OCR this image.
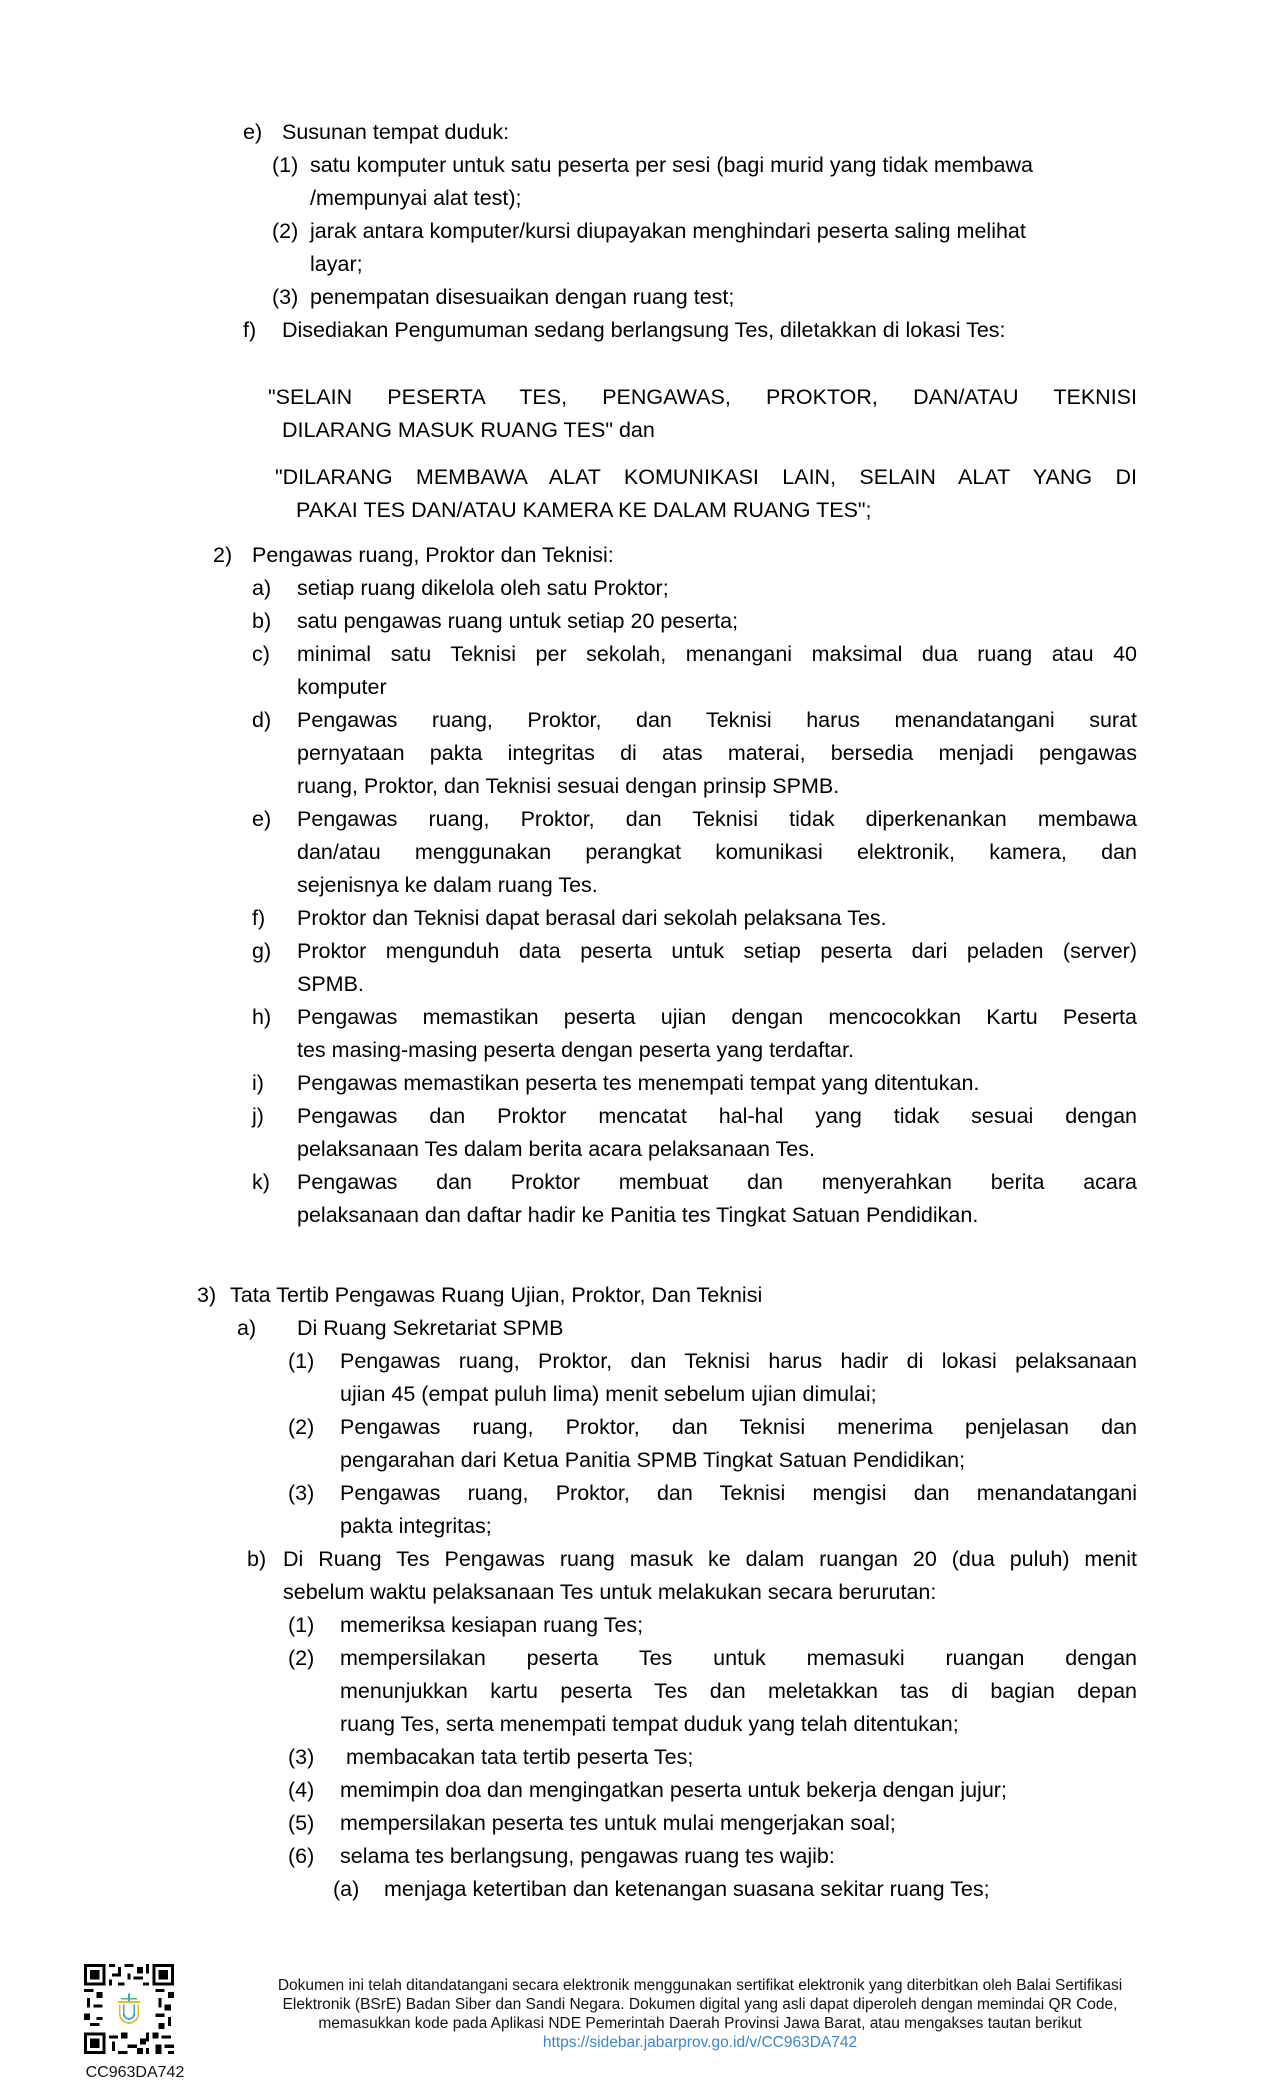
e) Susunan tempat duduk:
(1) satu komputer untuk satu peserta per sesi (bagi murid yang tidak membawa
/mempunyai alat test);
(2) jarak antara komputer/kursi diupayakan menghindari peserta saling melihat
layar;
(3) penempatan disesuaikan dengan ruang test;
f) Disediakan Pengumuman sedang berlangsung Tes, diletakkan di lokasi Tes:
"SELAIN PESERTA TES, PENGAWAS, PROKTOR, DAN/ATAU TEKNISI
DILARANG MASUK RUANG TES" dan
"DILARANG MEMBAWA ALAT KOMUNIKASI LAIN, SELAIN ALAT YANG DI
PAKAI TES DAN/ATAU KAMERA KE DALAM RUANG TES";
2) Pengawas ruang, Proktor dan Teknisi:
a) setiap ruang dikelola oleh satu Proktor;
b) satu pengawas ruang untuk setiap 20 peserta;
c) minimal satu Teknisi per sekolah, menangani maksimal dua ruang atau 40
komputer
d) Pengawas ruang, Proktor, dan Teknisi harus menandatangani surat
pernyataan pakta integritas di atas materai, bersedia menjadi pengawas
ruang, Proktor, dan Teknisi sesuai dengan prinsip SPMB.
e) Pengawas ruang, Proktor, dan Teknisi tidak diperkenankan membawa
dan/atau menggunakan perangkat komunikasi elektronik, kamera, dan
sejenisnya ke dalam ruang Tes.
f) Proktor dan Teknisi dapat berasal dari sekolah pelaksana Tes.
g) Proktor mengunduh data peserta untuk setiap peserta dari peladen (server)
SPMB.
h) Pengawas memastikan peserta ujian dengan mencocokkan Kartu Peserta
tes masing-masing peserta dengan peserta yang terdaftar.
i) Pengawas memastikan peserta tes menempati tempat yang ditentukan.
j) Pengawas dan Proktor mencatat hal-hal yang tidak sesuai dengan
pelaksanaan Tes dalam berita acara pelaksanaan Tes.
k) Pengawas dan Proktor membuat dan menyerahkan berita acara
pelaksanaan dan daftar hadir ke Panitia tes Tingkat Satuan Pendidikan.
3) Tata Tertib Pengawas Ruang Ujian, Proktor, Dan Teknisi
a) Di Ruang Sekretariat SPMB
(1) Pengawas ruang, Proktor, dan Teknisi harus hadir di lokasi pelaksanaan
ujian 45 (empat puluh lima) menit sebelum ujian dimulai;
(2) Pengawas ruang, Proktor, dan Teknisi menerima penjelasan dan
pengarahan dari Ketua Panitia SPMB Tingkat Satuan Pendidikan;
(3) Pengawas ruang, Proktor, dan Teknisi mengisi dan menandatangani
pakta integritas;
b) Di Ruang Tes Pengawas ruang masuk ke dalam ruangan 20 (dua puluh) menit
sebelum waktu pelaksanaan Tes untuk melakukan secara berurutan:
(1) memeriksa kesiapan ruang Tes;
(2) mempersilakan peserta Tes untuk memasuki ruangan dengan
menunjukkan kartu peserta Tes dan meletakkan tas di bagian depan
ruang Tes, serta menempati tempat duduk yang telah ditentukan;
(3) membacakan tata tertib peserta Tes;
(4) memimpin doa dan mengingatkan peserta untuk bekerja dengan jujur;
(5) mempersilakan peserta tes untuk mulai mengerjakan soal;
(6) selama tes berlangsung, pengawas ruang tes wajib:
(a) menjaga ketertiban dan ketenangan suasana sekitar ruang Tes;
CC963DA742
Dokumen ini telah ditandatangani secara elektronik menggunakan sertifikat elektronik yang diterbitkan oleh Balai Sertifikasi
Elektronik (BSrE) Badan Siber dan Sandi Negara. Dokumen digital yang asli dapat diperoleh dengan memindai QR Code,
memasukkan kode pada Aplikasi NDE Pemerintah Daerah Provinsi Jawa Barat, atau mengakses tautan berikut
https://sidebar.jabarprov.go.id/v/CC963DA742
